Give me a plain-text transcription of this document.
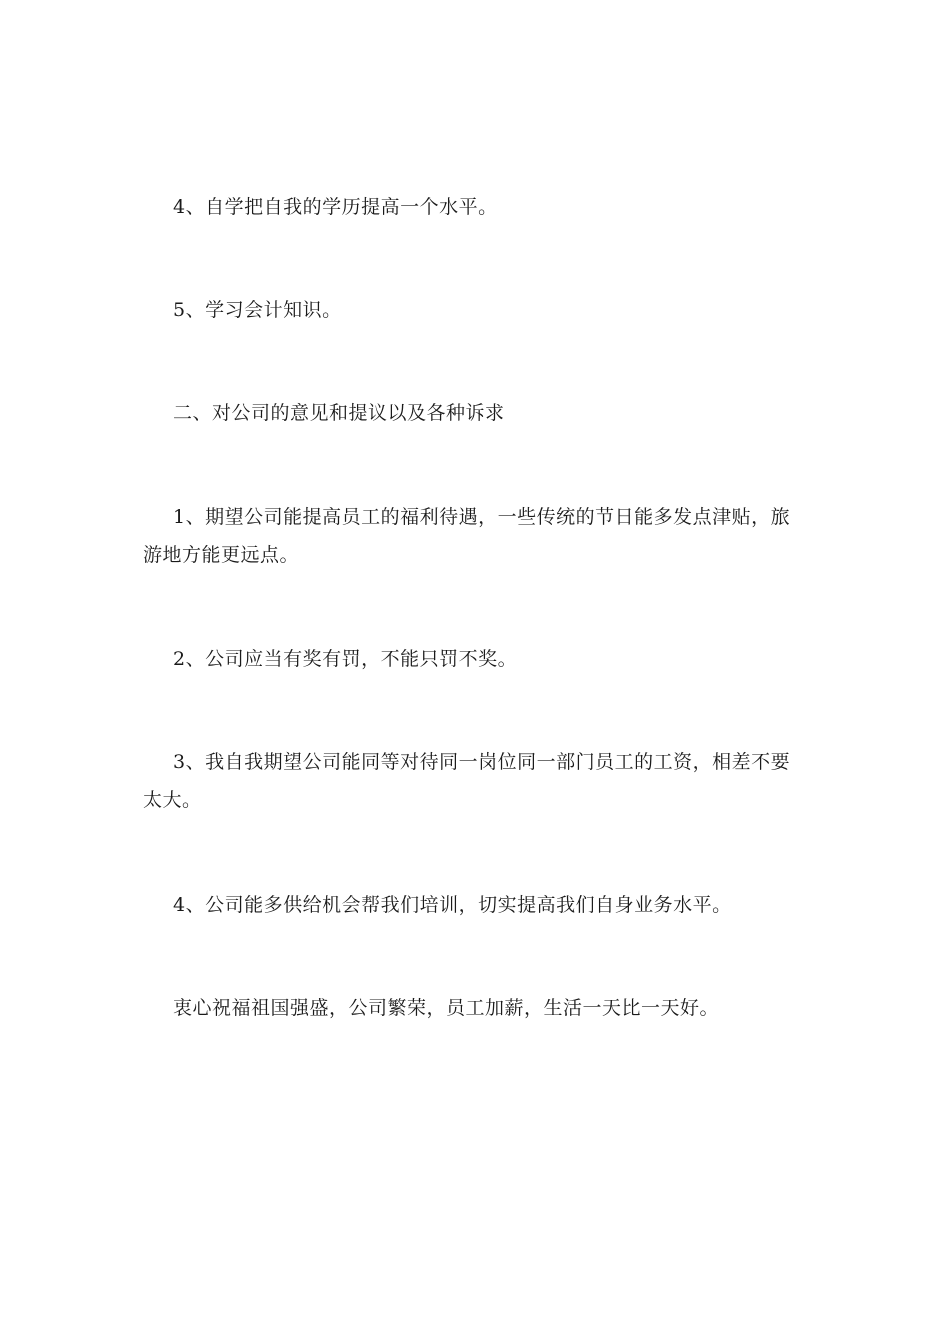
4、自学把自我的学历提高一个水平。

5、学习会计知识。

二、对公司的意见和提议以及各种诉求

1、期望公司能提高员工的福利待遇，一些传统的节日能多发点津贴，旅游地方能更远点。

2、公司应当有奖有罚，不能只罚不奖。

3、我自我期望公司能同等对待同一岗位同一部门员工的工资，相差不要太大。

4、公司能多供给机会帮我们培训，切实提高我们自身业务水平。

衷心祝福祖国强盛，公司繁荣，员工加薪，生活一天比一天好。
